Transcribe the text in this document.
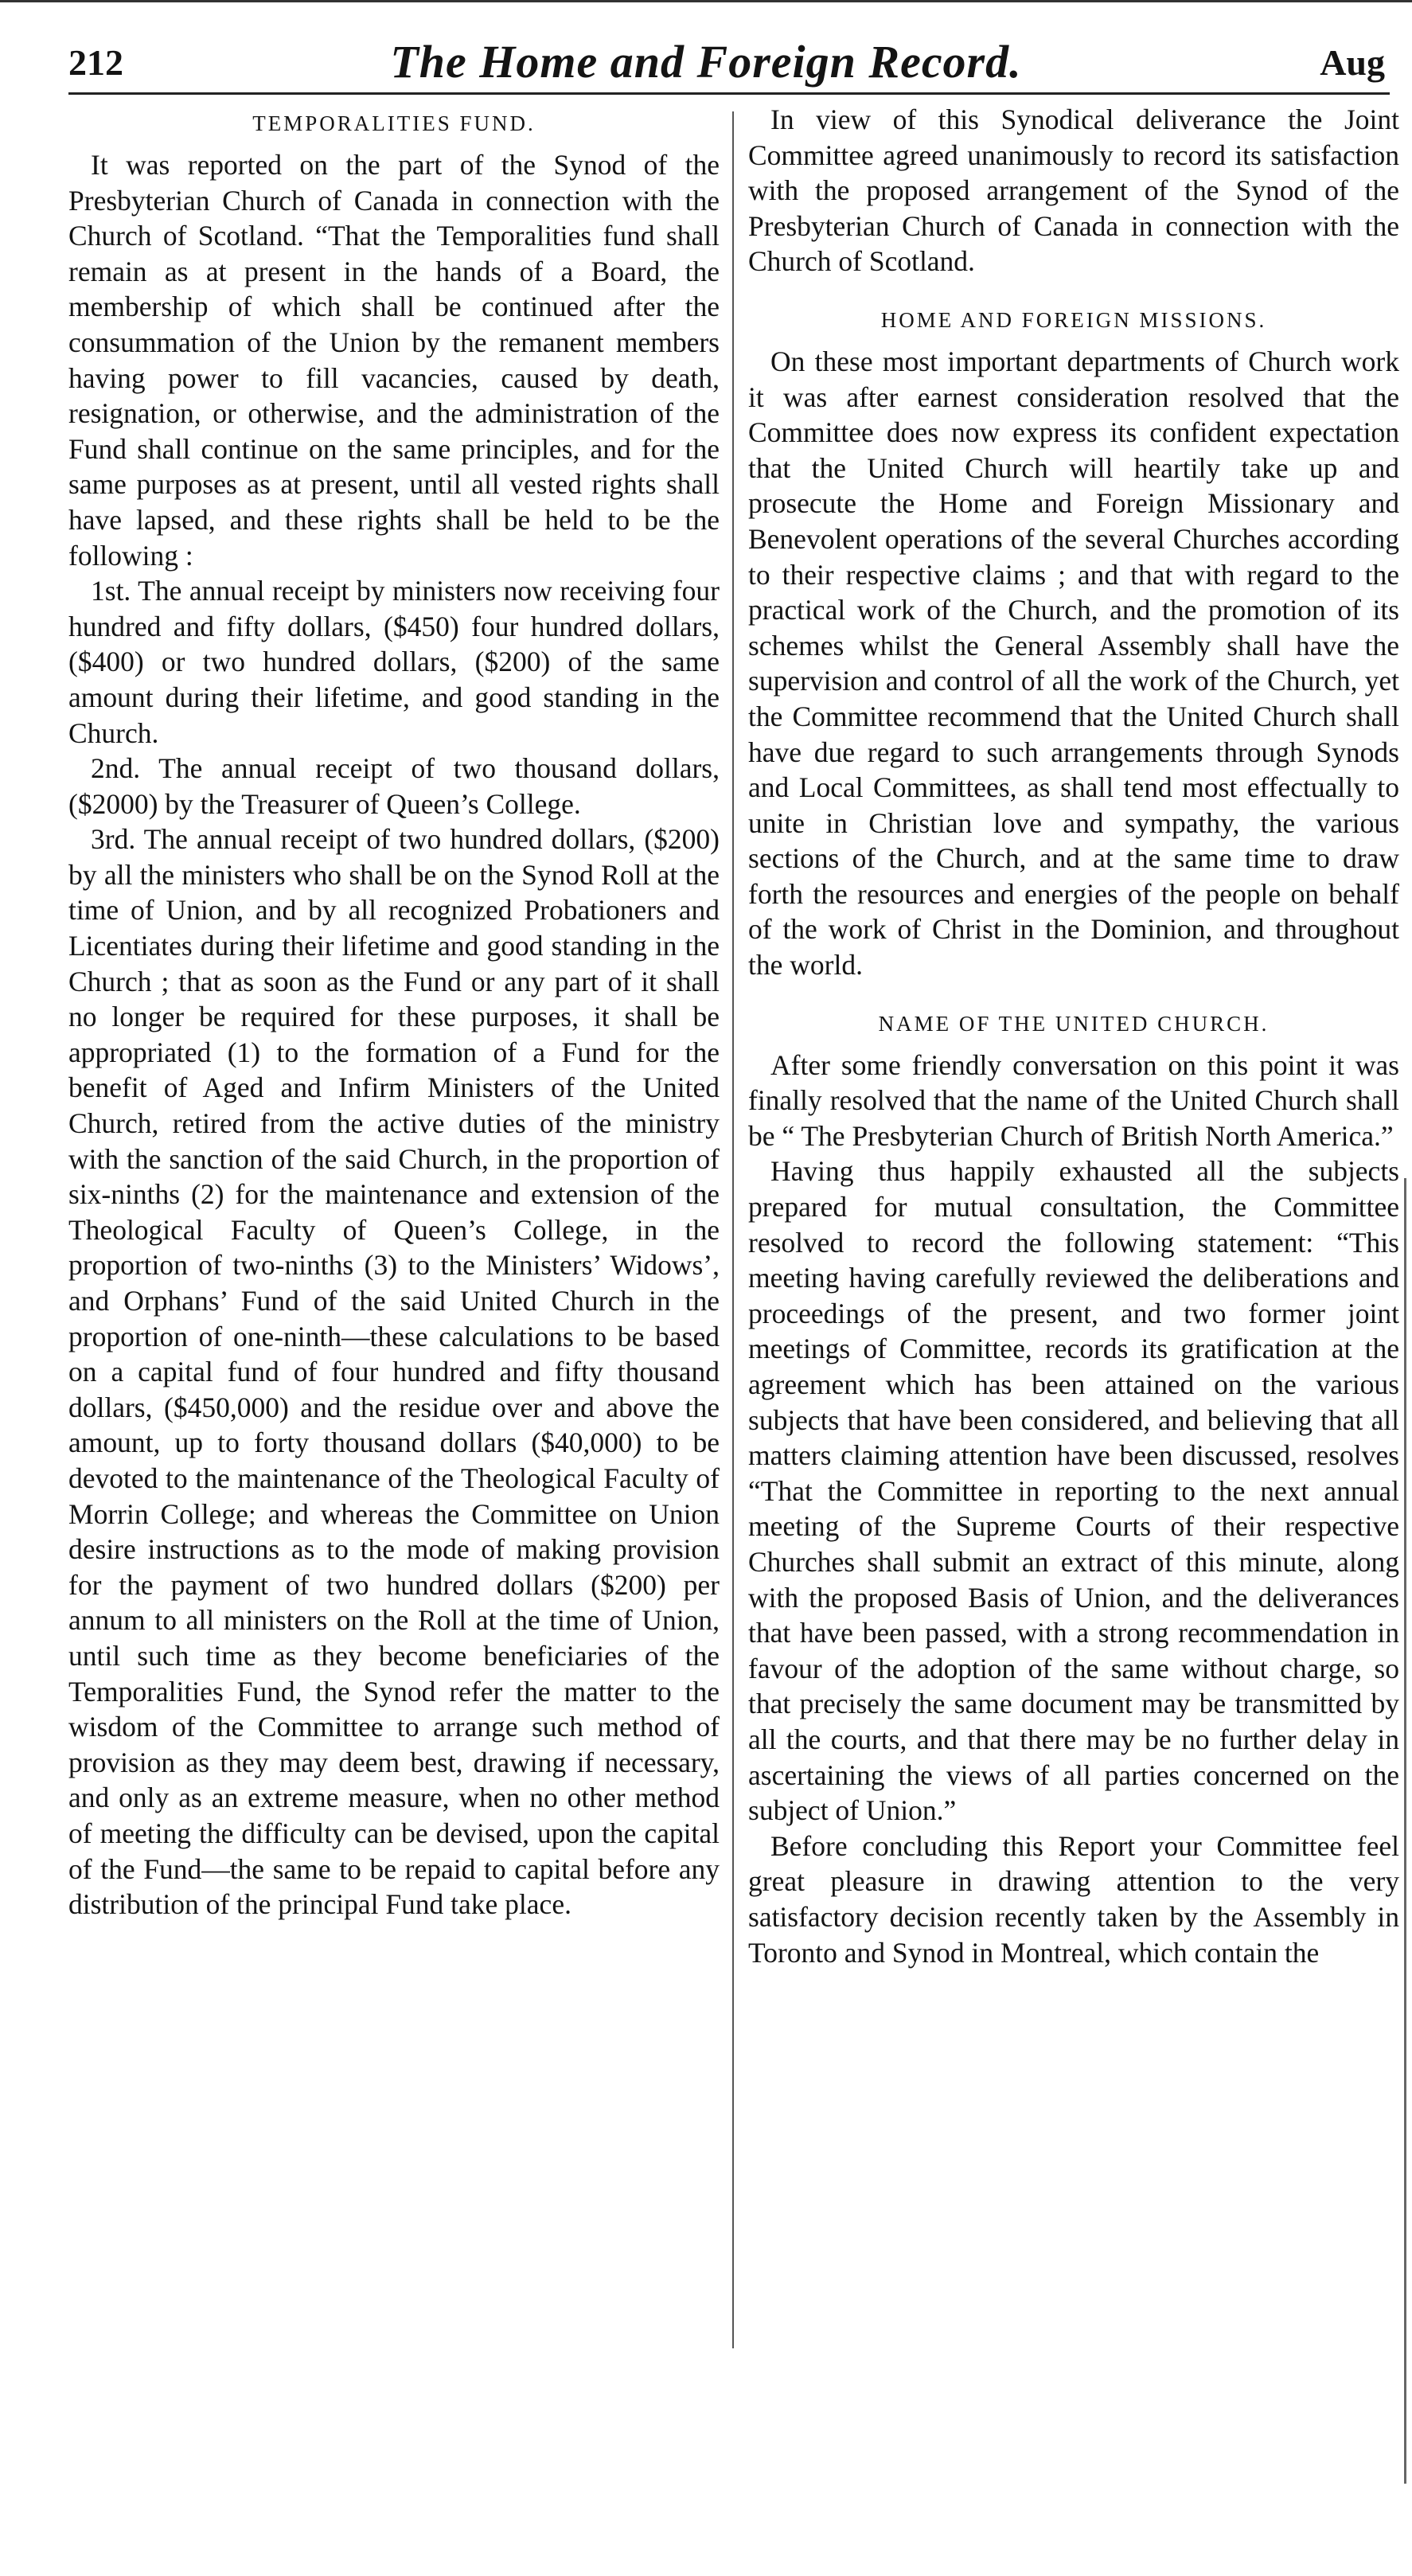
212	The Home and Foreign Record.	Aug
TEMPORALITIES FUND.

It was reported on the part of the Synod of the Presbyterian Church of Canada in connection with the Church of Scotland. “That the Temporalities fund shall remain as at present in the hands of a Board, the membership of which shall be continued after the consummation of the Union by the remanent members having power to fill vacancies, caused by death, resignation, or otherwise, and the administration of the Fund shall continue on the same principles, and for the same purposes as at present, until all vested rights shall have lapsed, and these rights shall be held to be the following :

1st. The annual receipt by ministers now receiving four hundred and fifty dollars, ($450) four hundred dollars, ($400) or two hundred dollars, ($200) of the same amount during their lifetime, and good standing in the Church.

2nd. The annual receipt of two thousand dollars, ($2000) by the Treasurer of Queen’s College.

3rd. The annual receipt of two hundred dollars, ($200) by all the ministers who shall be on the Synod Roll at the time of Union, and by all recognized Probationers and Licentiates during their lifetime and good standing in the Church ; that as soon as the Fund or any part of it shall no longer be required for these purposes, it shall be appropriated (1) to the formation of a Fund for the benefit of Aged and Infirm Ministers of the United Church, retired from the active duties of the ministry with the sanction of the said Church, in the proportion of six-ninths (2) for the maintenance and extension of the Theological Faculty of Queen’s College, in the proportion of two-ninths (3) to the Ministers’ Widows’, and Orphans’ Fund of the said United Church in the proportion of one-ninth—these calculations to be based on a capital fund of four hundred and fifty thousand dollars, ($450,000) and the residue over and above the amount, up to forty thousand dollars ($40,000) to be devoted to the maintenance of the Theological Faculty of Morrin College; and whereas the Committee on Union desire instructions as to the mode of making provision for the payment of two hundred dollars ($200) per annum to all ministers on the Roll at the time of Union, until such time as they become beneficiaries of the Temporalities Fund, the Synod refer the matter to the wisdom of the Committee to arrange such method of provision as they may deem best, drawing if necessary, and only as an extreme measure, when no other method of meeting the difficulty can be devised, upon the capital of the Fund—the same to be repaid to capital before any distribution of the principal Fund take place.

In view of this Synodical deliverance the Joint Committee agreed unanimously to record its satisfaction with the proposed arrangement of the Synod of the Presbyterian Church of Canada in connection with the Church of Scotland.

HOME AND FOREIGN MISSIONS.

On these most important departments of Church work it was after earnest consideration resolved that the Committee does now express its confident expectation that the United Church will heartily take up and prosecute the Home and Foreign Missionary and Benevolent operations of the several Churches according to their respective claims ; and that with regard to the practical work of the Church, and the promotion of its schemes whilst the General Assembly shall have the supervision and control of all the work of the Church, yet the Committee recommend that the United Church shall have due regard to such arrangements through Synods and Local Committees, as shall tend most effectually to unite in Christian love and sympathy, the various sections of the Church, and at the same time to draw forth the resources and energies of the people on behalf of the work of Christ in the Dominion, and throughout the world.

NAME OF THE UNITED CHURCH.

After some friendly conversation on this point it was finally resolved that the name of the United Church shall be “ The Presbyterian Church of British North America.”

Having thus happily exhausted all the subjects prepared for mutual consultation, the Committee resolved to record the following statement: “This meeting having carefully reviewed the deliberations and proceedings of the present, and two former joint meetings of Committee, records its gratification at the agreement which has been attained on the various subjects that have been considered, and believing that all matters claiming attention have been discussed, resolves “That the Committee in reporting to the next annual meeting of the Supreme Courts of their respective Churches shall submit an extract of this minute, along with the proposed Basis of Union, and the deliverances that have been passed, with a strong recommendation in favour of the adoption of the same without charge, so that precisely the same document may be transmitted by all the courts, and that there may be no further delay in ascertaining the views of all parties concerned on the subject of Union.”

Before concluding this Report your Committee feel great pleasure in drawing attention to the very satisfactory decision recently taken by the Assembly in Toronto and Synod in Montreal, which contain the
